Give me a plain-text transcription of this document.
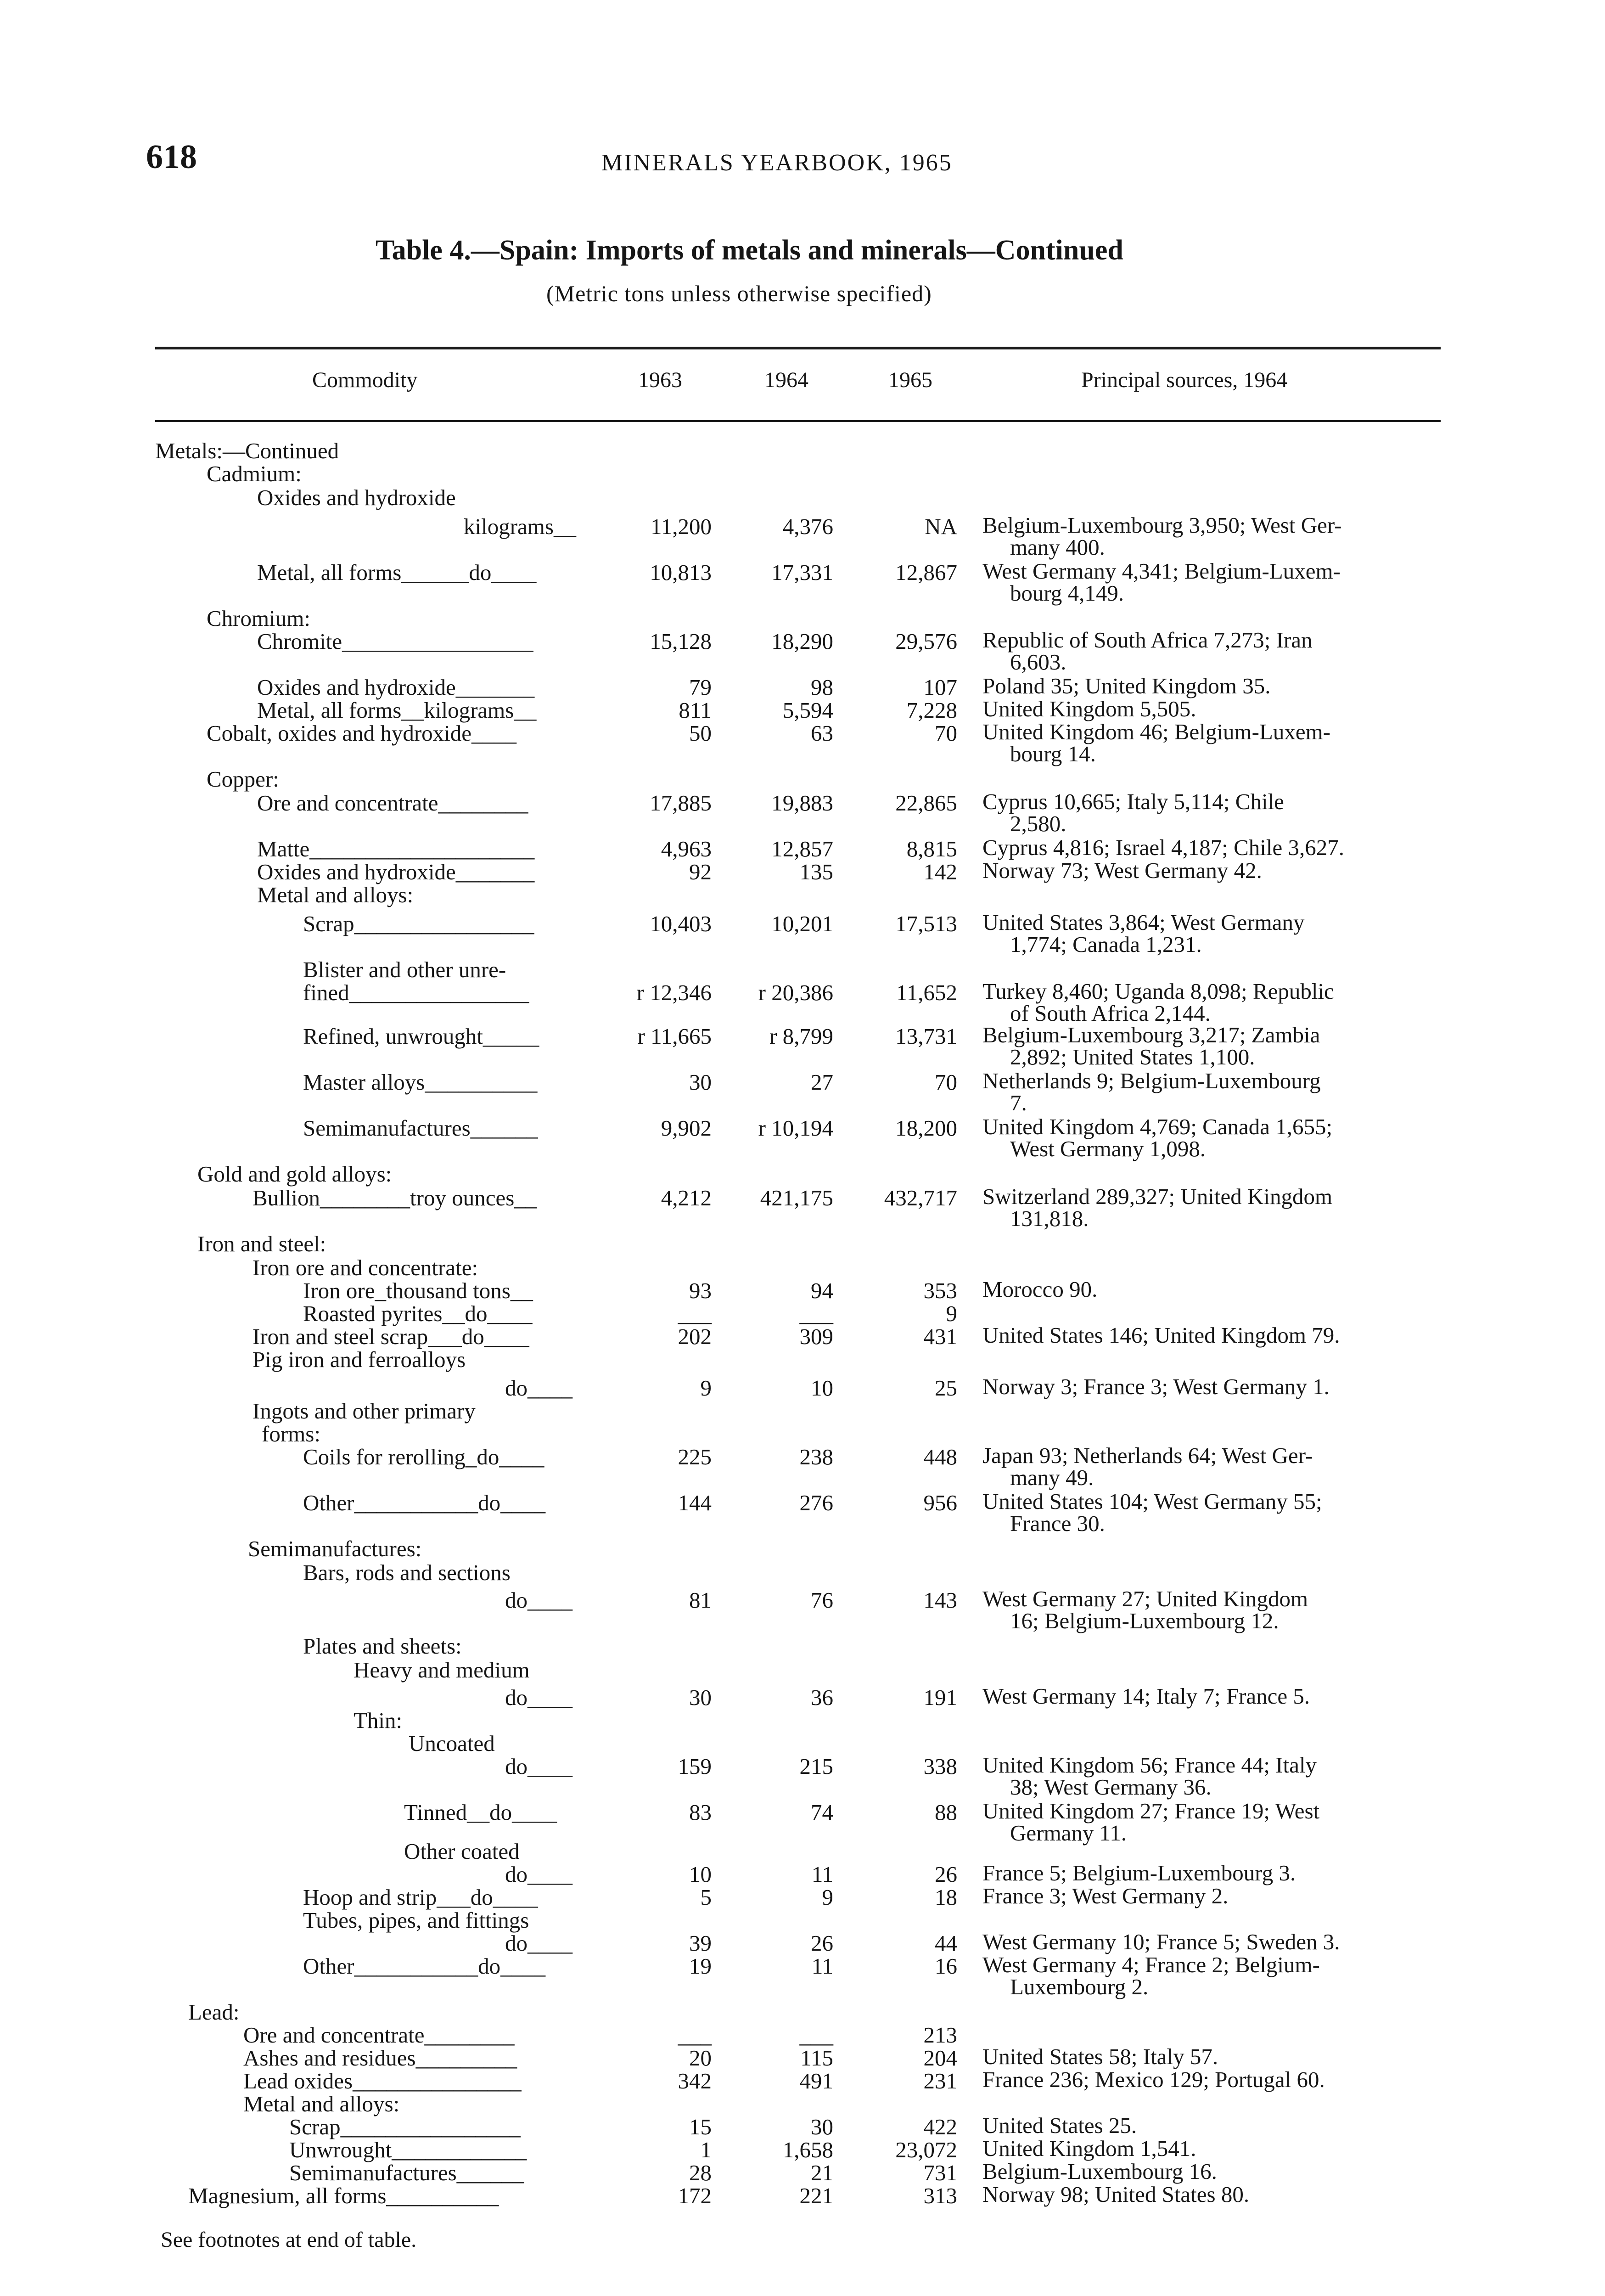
618	MINERALS YEARBOOK, 1965
Table 4.—Spain: Imports of metals and minerals—Continued
(Metric tons unless otherwise specified)
Commodity	1963	1964	1965	Principal sources, 1964
Metals:—Continued
Cadmium:
Oxides and hydroxide
kilograms__	11,200	4,376	NA Belgium-Luxembourg 3,950; West Ger-
many 400.
Metal, all forms______do____	10,813	17,331	12,867 West Germany 4,341; Belgium-Luxem-
bourg 4,149.
Chromium:
Chromite_________________	15,128	18,290	29,576 Republic of South Africa 7,273; Iran
6,603.
Oxides and hydroxide_______	79	98	107 Poland 35; United Kingdom 35.
Metal, all forms__kilograms__	811	5,594	7,228 United Kingdom 5,505.
Cobalt, oxides and hydroxide____	50	63	70 United Kingdom 46; Belgium-Luxem-
bourg 14.
Copper:
Ore and concentrate________	17,885	19,883	22,865 Cyprus 10,665; Italy 5,114; Chile
2,580.
Matte____________________	4,963	12,857	8,815 Cyprus 4,816; Israel 4,187; Chile 3,627.
Oxides and hydroxide_______	92	135	142 Norway 73; West Germany 42.
Metal and alloys:
Scrap________________	10,403	10,201	17,513 United States 3,864; West Germany
1,774; Canada 1,231.
Blister and other unre-
fined________________	r 12,346	r 20,386	11,652 Turkey 8,460; Uganda 8,098; Republic
of South Africa 2,144.
Refined, unwrought_____	r 11,665	r 8,799	13,731 Belgium-Luxembourg 3,217; Zambia
2,892; United States 1,100.
Master alloys__________	30	27	70 Netherlands 9; Belgium-Luxembourg
7.
Semimanufactures______	9,902	r 10,194	18,200 United Kingdom 4,769; Canada 1,655;
West Germany 1,098.
Gold and gold alloys:
Bullion________troy ounces__	4,212	421,175	432,717 Switzerland 289,327; United Kingdom
131,818.
Iron and steel:
Iron ore and concentrate:
Iron ore_thousand tons__	93	94	353 Morocco 90.
Roasted pyrites__do____	___	___	9
Iron and steel scrap___do____	202	309	431 United States 146; United Kingdom 79.
Pig iron and ferroalloys
do____	9	10	25 Norway 3; France 3; West Germany 1.
Ingots and other primary
forms:
Coils for rerolling_do____	225	238	448 Japan 93; Netherlands 64; West Ger-
many 49.
Other___________do____	144	276	956 United States 104; West Germany 55;
France 30.
Semimanufactures:
Bars, rods and sections
do____	81	76	143 West Germany 27; United Kingdom
16; Belgium-Luxembourg 12.
Plates and sheets:
Heavy and medium
do____	30	36	191 West Germany 14; Italy 7; France 5.
Thin:
Uncoated
do____	159	215	338 United Kingdom 56; France 44; Italy
38; West Germany 36.
Tinned__do____	83	74	88 United Kingdom 27; France 19; West
Germany 11.
Other coated
do____	10	11	26 France 5; Belgium-Luxembourg 3.
Hoop and strip___do____	5	9	18 France 3; West Germany 2.
Tubes, pipes, and fittings
do____	39	26	44 West Germany 10; France 5; Sweden 3.
Other___________do____	19	11	16 West Germany 4; France 2; Belgium-
Luxembourg 2.
Lead:
Ore and concentrate________	___	___	213
Ashes and residues_________	20	115	204 United States 58; Italy 57.
Lead oxides_______________	342	491	231 France 236; Mexico 129; Portugal 60.
Metal and alloys:
Scrap________________	15	30	422 United States 25.
Unwrought____________	1	1,658	23,072 United Kingdom 1,541.
Semimanufactures______	28	21	731 Belgium-Luxembourg 16.
Magnesium, all forms__________	172	221	313 Norway 98; United States 80.
See footnotes at end of table.
